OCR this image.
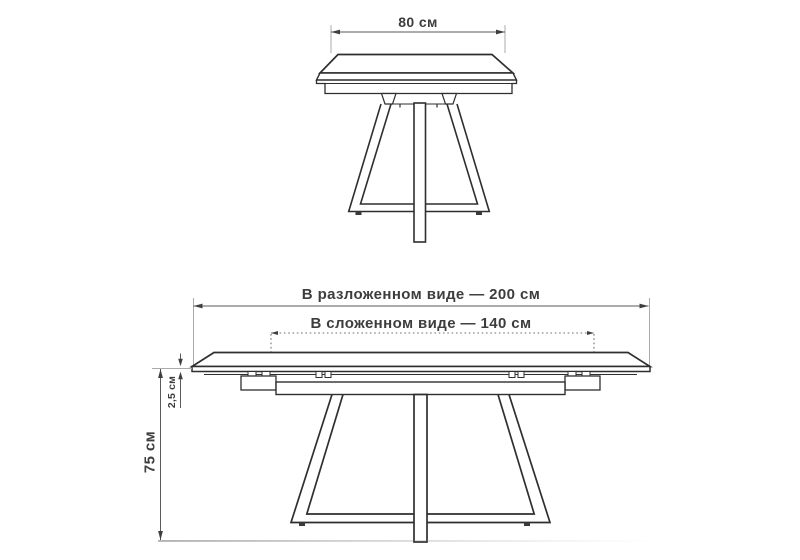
80 см
В разложенном виде — 200 см
В сложенном виде — 140 см
75 см
2,5 см
